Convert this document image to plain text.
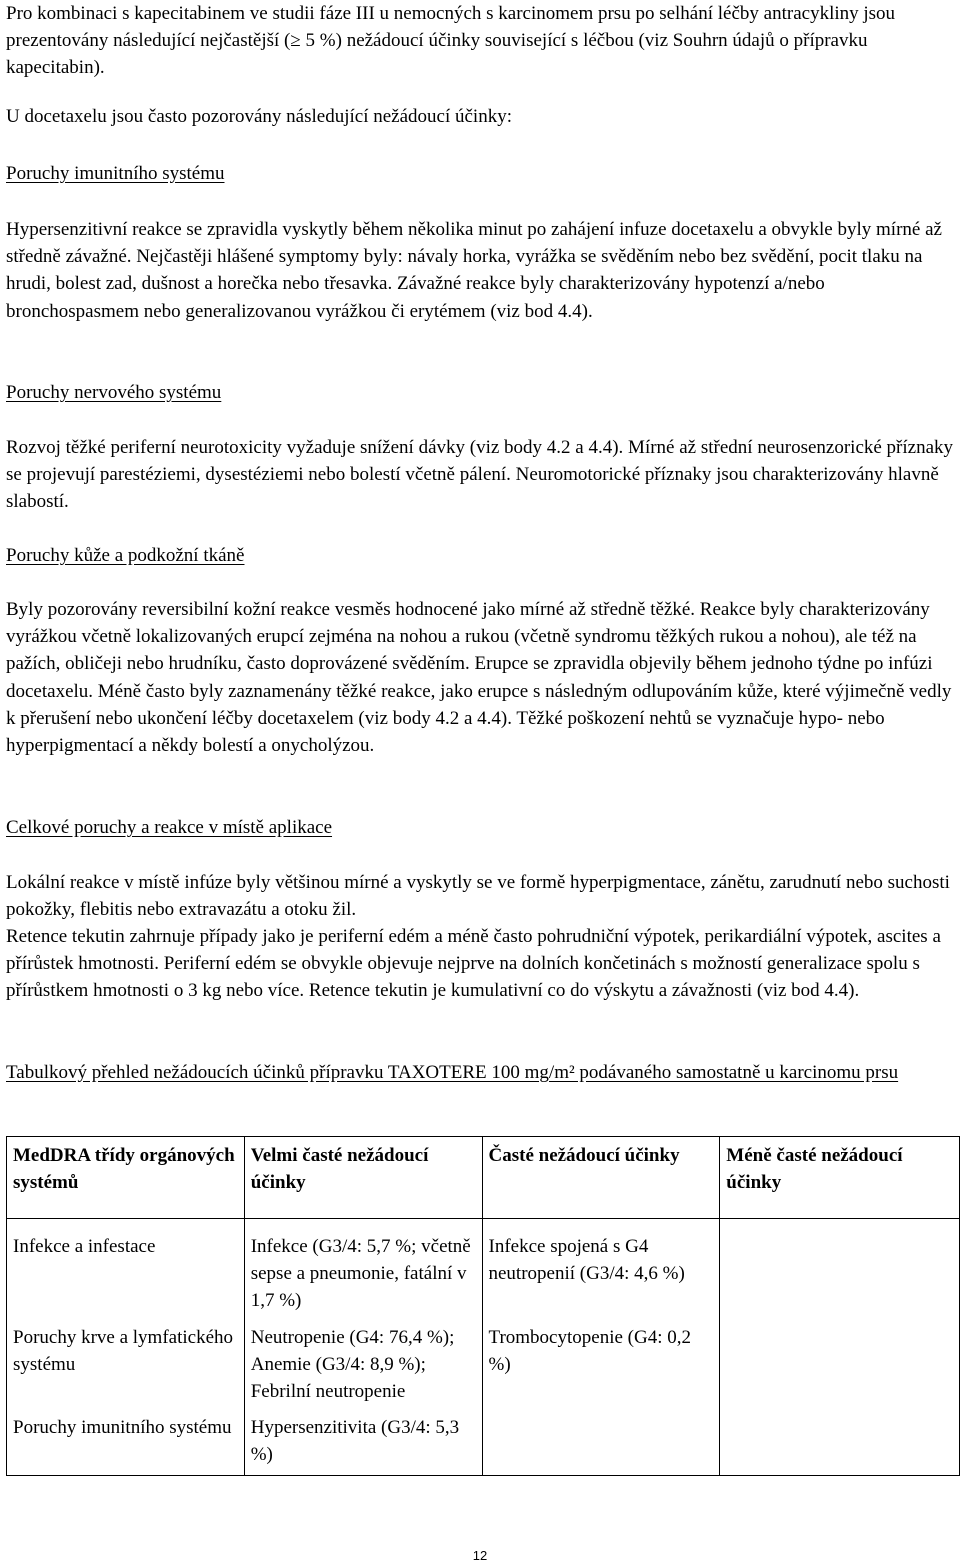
Pro kombinaci s kapecitabinem ve studii fáze III u nemocných s karcinomem prsu po selhání léčby antracykliny jsou prezentovány následující nejčastější (≥ 5 %) nežádoucí účinky související s léčbou (viz Souhrn údajů o přípravku kapecitabin).

U docetaxelu jsou často pozorovány následující nežádoucí účinky:

Poruchy imunitního systému

Hypersenzitivní reakce se zpravidla vyskytly během několika minut po zahájení infuze docetaxelu a obvykle byly mírné až středně závažné. Nejčastěji hlášené symptomy byly: návaly horka, vyrážka se svěděním nebo bez svědění, pocit tlaku na hrudi, bolest zad, dušnost a horečka nebo třesavka. Závažné reakce byly charakterizovány hypotenzí a/nebo bronchospasmem nebo generalizovanou vyrážkou či erytémem (viz bod 4.4).

Poruchy nervového systému

Rozvoj těžké periferní neurotoxicity vyžaduje snížení dávky (viz body 4.2 a 4.4). Mírné až střední neurosenzorické příznaky se projevují parestéziemi, dysestéziemi nebo bolestí včetně pálení. Neuromotorické příznaky jsou charakterizovány hlavně slabostí.

Poruchy kůže a podkožní tkáně

Byly pozorovány reversibilní kožní reakce vesměs hodnocené jako mírné až středně těžké. Reakce byly charakterizovány vyrážkou včetně lokalizovaných erupcí zejména na nohou a rukou (včetně syndromu těžkých rukou a nohou), ale též na pažích, obličeji nebo hrudníku, často doprovázené svěděním. Erupce se zpravidla objevily během jednoho týdne po infúzi docetaxelu. Méně často byly zaznamenány těžké reakce, jako erupce s následným odlupováním kůže, které výjimečně vedly k přerušení nebo ukončení léčby docetaxelem (viz body 4.2 a 4.4). Těžké poškození nehtů se vyznačuje hypo- nebo hyperpigmentací a někdy bolestí a onycholýzou.

Celkové poruchy a reakce v místě aplikace

Lokální reakce v místě infúze byly většinou mírné a vyskytly se ve formě hyperpigmentace, zánětu, zarudnutí nebo suchosti pokožky, flebitis nebo extravazátu a otoku žil.

Retence tekutin zahrnuje případy jako je periferní edém a méně často pohrudniční výpotek, perikardiální výpotek, ascites a přírůstek hmotnosti. Periferní edém se obvykle objevuje nejprve na dolních končetinách s možností generalizace spolu s přírůstkem hmotnosti o 3 kg nebo více. Retence tekutin je kumulativní co do výskytu a závažnosti (viz bod 4.4).

Tabulkový přehled nežádoucích účinků přípravku TAXOTERE 100 mg/m² podávaného samostatně u karcinomu prsu

MedDRA třídy orgánových systémů	Velmi časté nežádoucí účinky	Časté nežádoucí účinky	Méně časté nežádoucí účinky
Infekce a infestace	Infekce (G3/4: 5,7 %; včetně sepse a pneumonie, fatální v 1,7 %)	Infekce spojená s G4 neutropenií (G3/4: 4,6 %)	
Poruchy krve a lymfatického systému	Neutropenie (G4: 76,4 %); Anemie (G3/4: 8,9 %); Febrilní neutropenie	Trombocytopenie (G4: 0,2 %)	
Poruchy imunitního systému	Hypersenzitivita (G3/4: 5,3 %)		
12
